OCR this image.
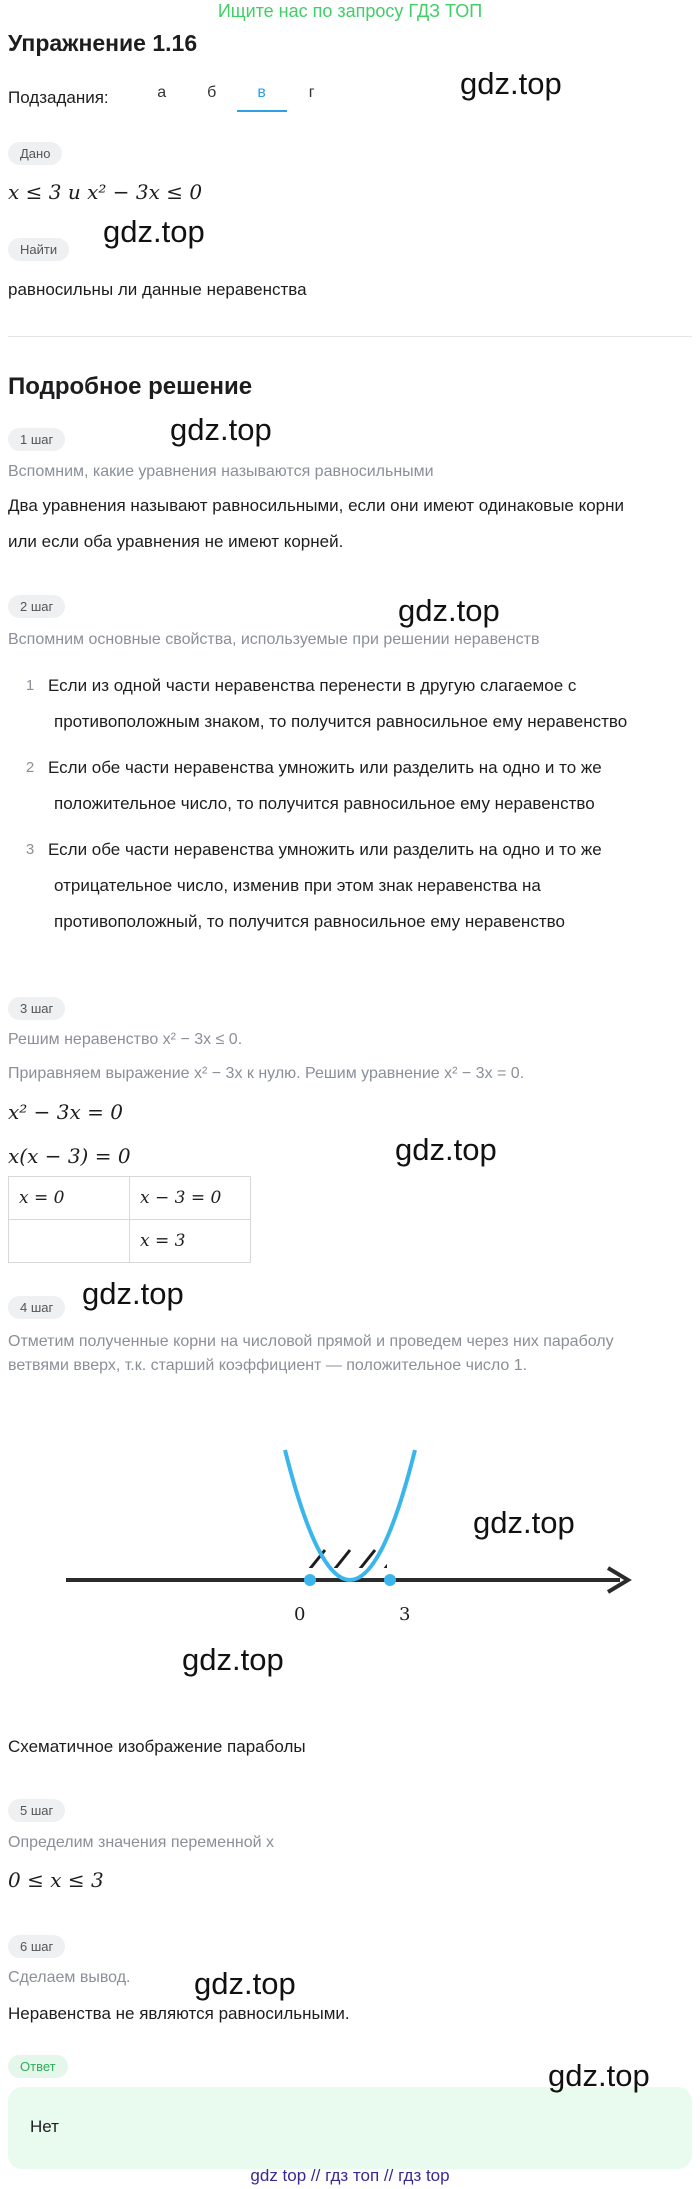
Ищите нас по запросу ГДЗ ТОП
Упражнение 1.16
Подзадания:	а	б	в	г	gdz.top
Дано
x ≤ 3 и x² − 3x ≤ 0
Найти
gdz.top
равносильны ли данные неравенства
Подробное решение
1 шаг	gdz.top
Вспомним, какие уравнения называются равносильными
Два уравнения называют равносильными, если они имеют одинаковые корни
или если оба уравнения не имеют корней.
2 шаг	gdz.top
Вспомним основные свойства, используемые при решении неравенств
1 Если из одной части неравенства перенести в другую слагаемое с
противоположным знаком, то получится равносильное ему неравенство
2 Если обе части неравенства умножить или разделить на одно и то же
положительное число, то получится равносильное ему неравенство
3 Если обе части неравенства умножить или разделить на одно и то же
отрицательное число, изменив при этом знак неравенства на
противоположный, то получится равносильное ему неравенство
3 шаг
Решим неравенство x² − 3x ≤ 0.
Приравняем выражение x² − 3x к нулю. Решим уравнение x² − 3x = 0.
x² − 3x = 0
x(x − 3) = 0	gdz.top
x = 0	x − 3 = 0
	x = 3
4 шаг gdz.top
Отметим полученные корни на числовой прямой и проведем через них параболу
ветвями вверх, т.к. старший коэффициент — положительное число 1.
0	3
gdz.top
gdz.top
Схематичное изображение параболы
5 шаг
Определим значения переменной x
0 ≤ x ≤ 3
6 шаг
Сделаем вывод. gdz.top
Неравенства не являются равносильными.
Ответ
Нет
gdz.top
gdz top // гдз топ // гдз top
